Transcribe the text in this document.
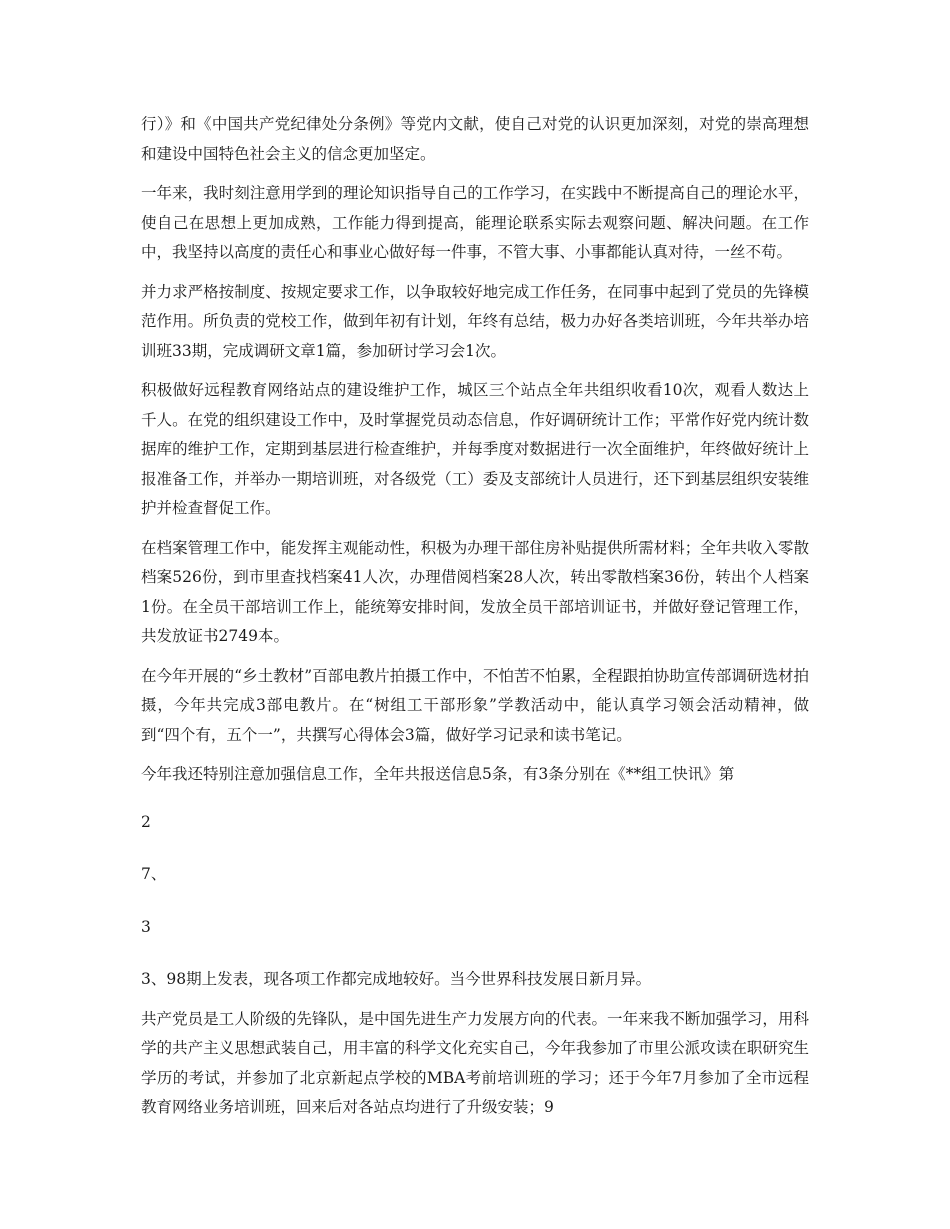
行）》和《中国共产党纪律处分条例》等党内文献，使自己对党的认识更加深刻，对党的崇高理想和建设中国特色社会主义的信念更加坚定。

一年来，我时刻注意用学到的理论知识指导自己的工作学习，在实践中不断提高自己的理论水平，使自己在思想上更加成熟，工作能力得到提高，能理论联系实际去观察问题、解决问题。在工作中，我坚持以高度的责任心和事业心做好每一件事，不管大事、小事都能认真对待，一丝不苟。

并力求严格按制度、按规定要求工作，以争取较好地完成工作任务，在同事中起到了党员的先锋模范作用。所负责的党校工作，做到年初有计划，年终有总结，极力办好各类培训班，今年共举办培训班33期，完成调研文章1篇，参加研讨学习会1次。

积极做好远程教育网络站点的建设维护工作，城区三个站点全年共组织收看10次，观看人数达上千人。在党的组织建设工作中，及时掌握党员动态信息，作好调研统计工作；平常作好党内统计数据库的维护工作，定期到基层进行检查维护，并每季度对数据进行一次全面维护，年终做好统计上报准备工作，并举办一期培训班，对各级党（工）委及支部统计人员进行，还下到基层组织安装维护并检查督促工作。

在档案管理工作中，能发挥主观能动性，积极为办理干部住房补贴提供所需材料；全年共收入零散档案526份，到市里查找档案41人次，办理借阅档案28人次，转出零散档案36份，转出个人档案1份。在全员干部培训工作上，能统筹安排时间，发放全员干部培训证书，并做好登记管理工作，共发放证书2749本。

在今年开展的“乡土教材”百部电教片拍摄工作中，不怕苦不怕累，全程跟拍协助宣传部调研选材拍摄，今年共完成3部电教片。在“树组工干部形象”学教活动中，能认真学习领会活动精神，做到“四个有，五个一”，共撰写心得体会3篇，做好学习记录和读书笔记。

今年我还特别注意加强信息工作，全年共报送信息5条，有3条分别在《**组工快讯》第

2

7、

3

3、98期上发表，现各项工作都完成地较好。当今世界科技发展日新月异。

共产党员是工人阶级的先锋队，是中国先进生产力发展方向的代表。一年来我不断加强学习，用科学的共产主义思想武装自己，用丰富的科学文化充实自己，今年我参加了市里公派攻读在职研究生学历的考试，并参加了北京新起点学校的MBA考前培训班的学习；还于今年7月参加了全市远程教育网络业务培训班，回来后对各站点均进行了升级安装；9
